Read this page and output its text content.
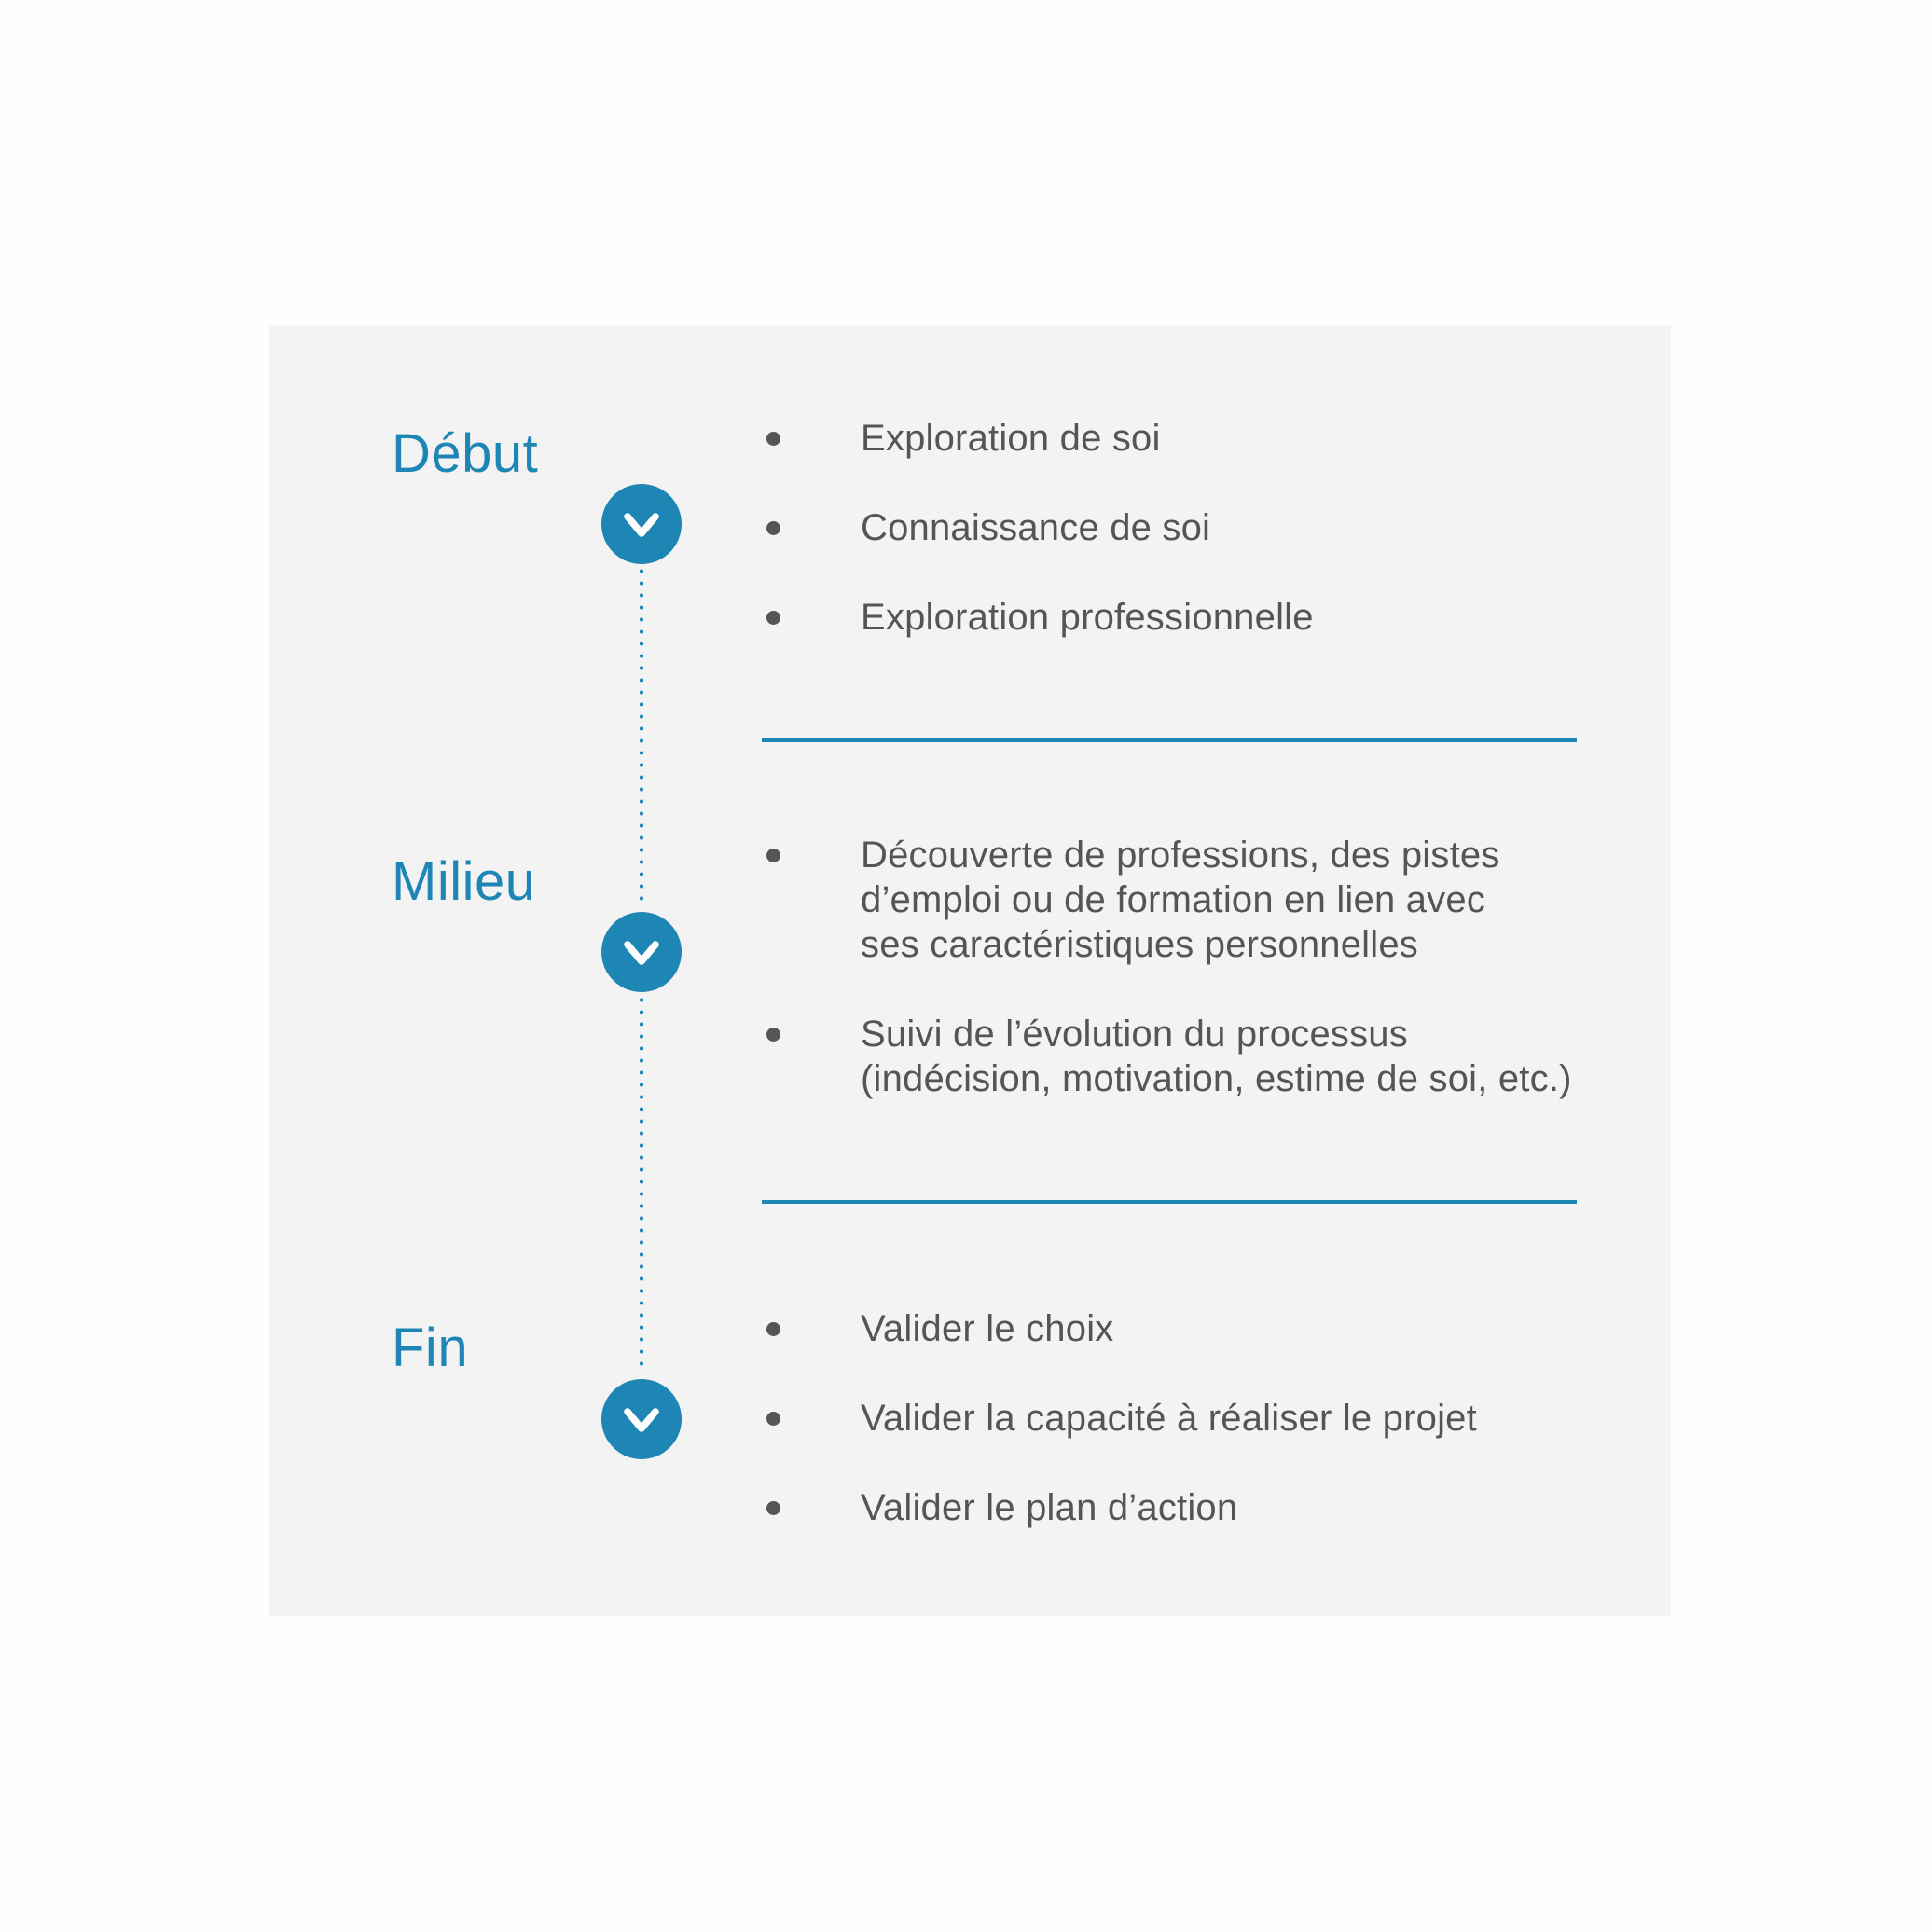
Début
Milieu
Fin
Exploration de soi
Connaissance de soi
Exploration professionnelle
Découverte de professions, des pistes
d’emploi ou de formation en lien avec
ses caractéristiques personnelles
Suivi de l’évolution du processus
(indécision, motivation, estime de soi, etc.)
Valider le choix
Valider la capacité à réaliser le projet
Valider le plan d’action
